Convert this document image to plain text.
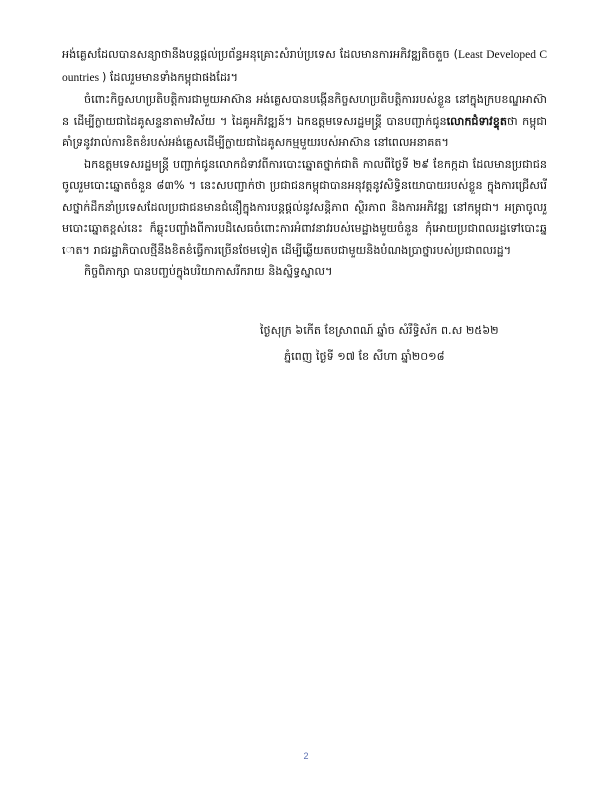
អង់គ្លេសដែលបានសន្យាថានឹងបន្តផ្តល់ប្រព័ន្ធអនុគ្រោះសំរាប់ប្រទេស ដែលមានការអភិវឌ្ឍតិចតួច (Least Developed Countries ) ដែលរួមមានទាំងកម្ពុជាផងដែរ។

ចំពោះកិច្ចសហប្រតិបត្តិការជាមួយអាស៊ាន អង់គ្លេសបានបង្កើនកិច្ចសហប្រតិបត្តិការរបស់ខ្លួន នៅក្នុងក្របខណ្ឌអាស៊ាន ដើម្បីក្លាយជាដៃគូសន្ទនាតាមវិស័យ ។ ដៃគូអភិវឌ្ឍន៍។ ឯកឧត្តមទេសរដ្ឋមន្ត្រី បានបញ្ជាក់ជូនលោកជំទាវខ្ទុតថា កម្ពុជាគាំទ្រនូវរាល់ការខិតខំរបស់អង់គ្លេសដើម្បីក្លាយជាដៃគូសកម្មមួយរបស់អាស៊ាន នៅពេលអនាគត។

ឯកឧត្តមទេសរដ្ឋមន្ត្រី បញ្ជាក់ជូនលោកជំទាវពីការបោះឆ្នោតថ្នាក់ជាតិ កាលពីថ្ងៃទី ២៩ ខែកក្កដា ដែលមានប្រជាជនចូលរួមបោះឆ្នោតចំនួន ៨៣% ។ នេះសបញ្ជាក់ថា ប្រជាជនកម្ពុជាបានអនុវត្តនូវសិទ្ធិនយោបាយរបស់ខ្លួន ក្នុងការជ្រើសរើសថ្នាក់ដឹកនាំប្រទេសដែលប្រជាជនមានជំនឿក្នុងការបន្តផ្តល់នូវសន្តិភាព ស្ថិរភាព និងការអភិវឌ្ឍ នៅកម្ពុជា។ អត្រាចូលរួមបោះឆ្នោតខ្ពស់នេះ ក៏ឆ្លុះបញ្ចាំងពីការបដិសេធចំពោះការអំពាវនាវរបស់មេដ្ឋាងមួយចំនួន កុំអោយប្រជាពលរដ្ឋទៅបោះឆ្នោត។ រាជរដ្ឋាភិបាលថ្មីនឹងខិតខំធ្វើការច្រើនថែមទៀត ដើម្បីឆ្លើយតបជាមួយនិងបំណងប្រាថ្នារបស់ប្រជាពលរដ្ឋ។

កិច្ចពិភាក្សា បានបញ្ចប់ក្នុងបរិយាកាសរីករាយ និងស្និទ្ធស្នាល។

ថ្ងៃសុក្រ ៦កើត ខែស្រាពណ៍ ឆ្នាំច សំរឹទ្ធិស័ក ព.ស ២៥៦២

ភ្នំពេញ ថ្ងៃទី ១៧ ខែ សីហា ឆ្នាំ២០១៨

2
